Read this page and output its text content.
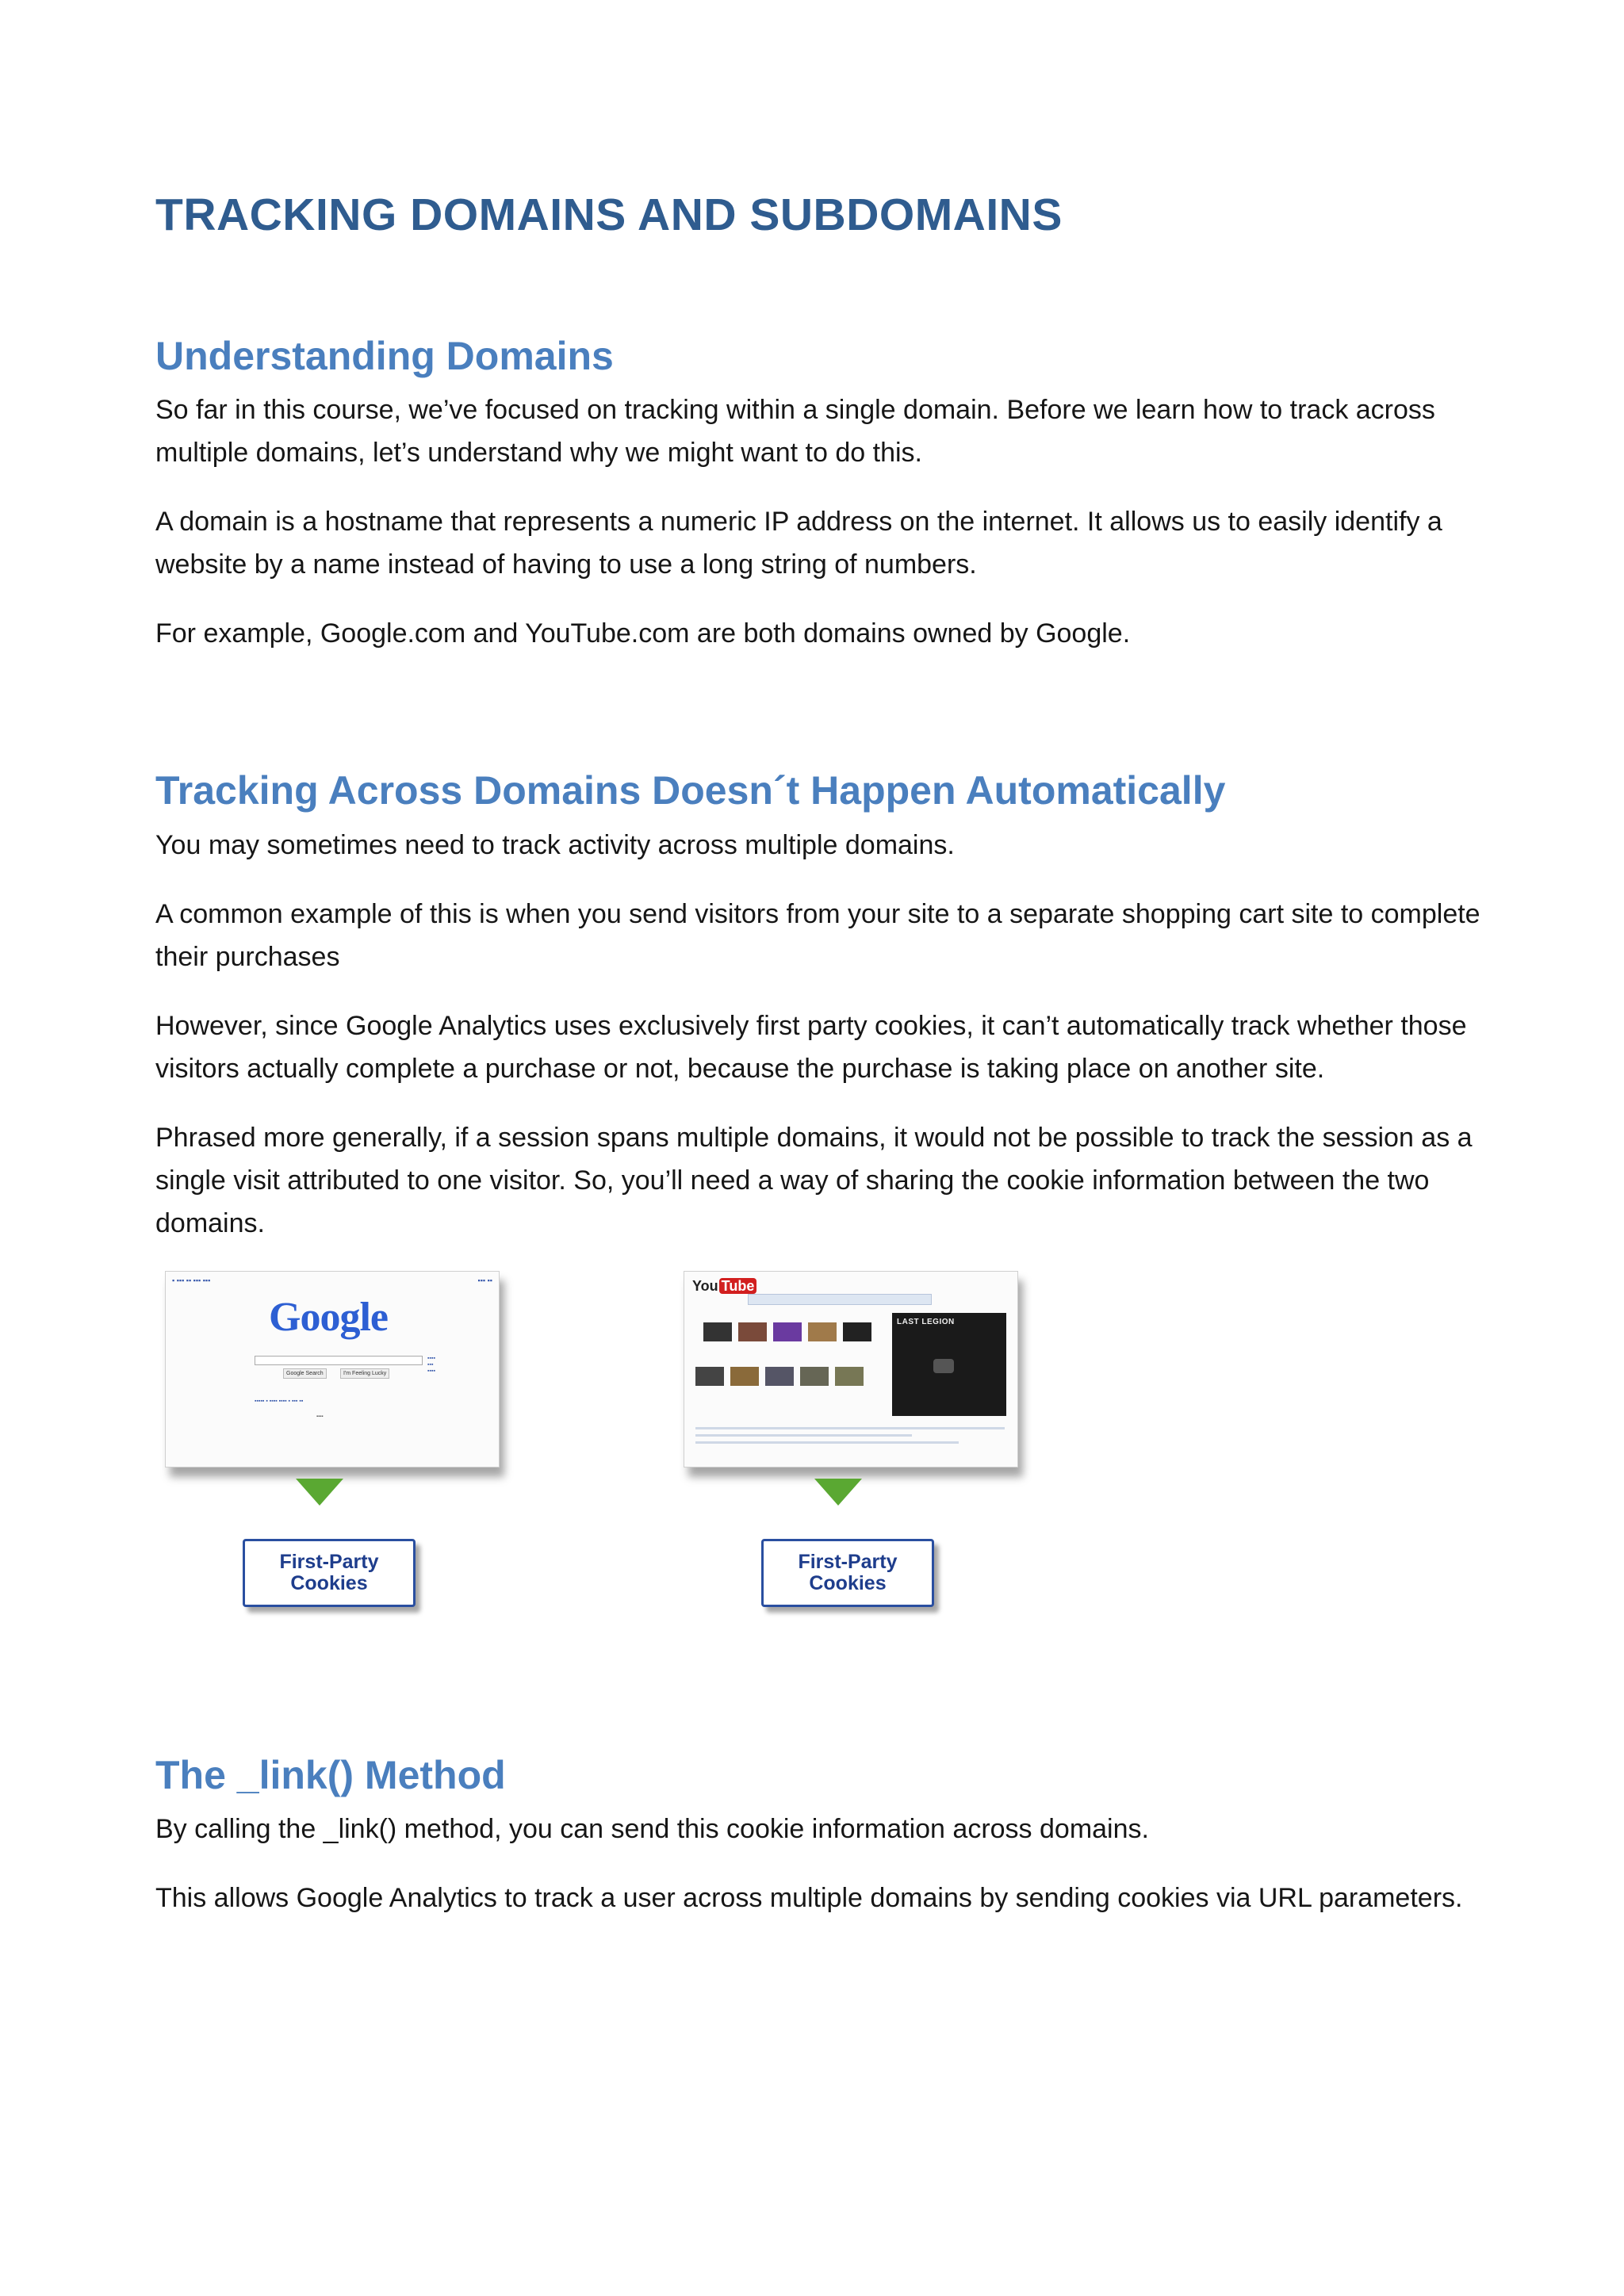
TRACKING DOMAINS AND SUBDOMAINS
Understanding Domains

So far in this course, we’ve focused on tracking within a single domain. Before we learn how to track across multiple domains, let’s understand why we might want to do this.

A domain is a hostname that represents a numeric IP address on the internet. It allows us to easily identify a website by a name instead of having to use a long string of numbers.

For example, Google.com and YouTube.com are both domains owned by Google.

Tracking Across Domains Doesn´t Happen Automatically

You may sometimes need to track activity across multiple domains.

A common example of this is when you send visitors from your site to a separate shopping cart site to complete their purchases

However, since Google Analytics uses exclusively first party cookies, it can’t automatically track whether those visitors actually complete a purchase or not, because the purchase is taking place on another site.

Phrased more generally, if a session spans multiple domains, it would not be possible to track the session as a single visit attributed to one visitor. So, you’ll need a way of sharing the cookie information between the two domains.

▪ ▪▪▪ ▪▪ ▪▪▪ ▪▪▪	▪▪▪ ▪▪
Google
Google Search	I'm Feeling Lucky
▪▪▪▪
▪▪▪
▪▪▪▪
▪▪▪▪▪ ▪ ▪▪▪▪ ▪▪▪▪ ▪ ▪▪▪ ▪▪
▪▪▪▪
First-Party
Cookies
You Tube
LAST LEGION
First-Party
Cookies
The _link() Method

By calling the _link() method, you can send this cookie information across domains.

This allows Google Analytics to track a user across multiple domains by sending cookies via URL parameters.
